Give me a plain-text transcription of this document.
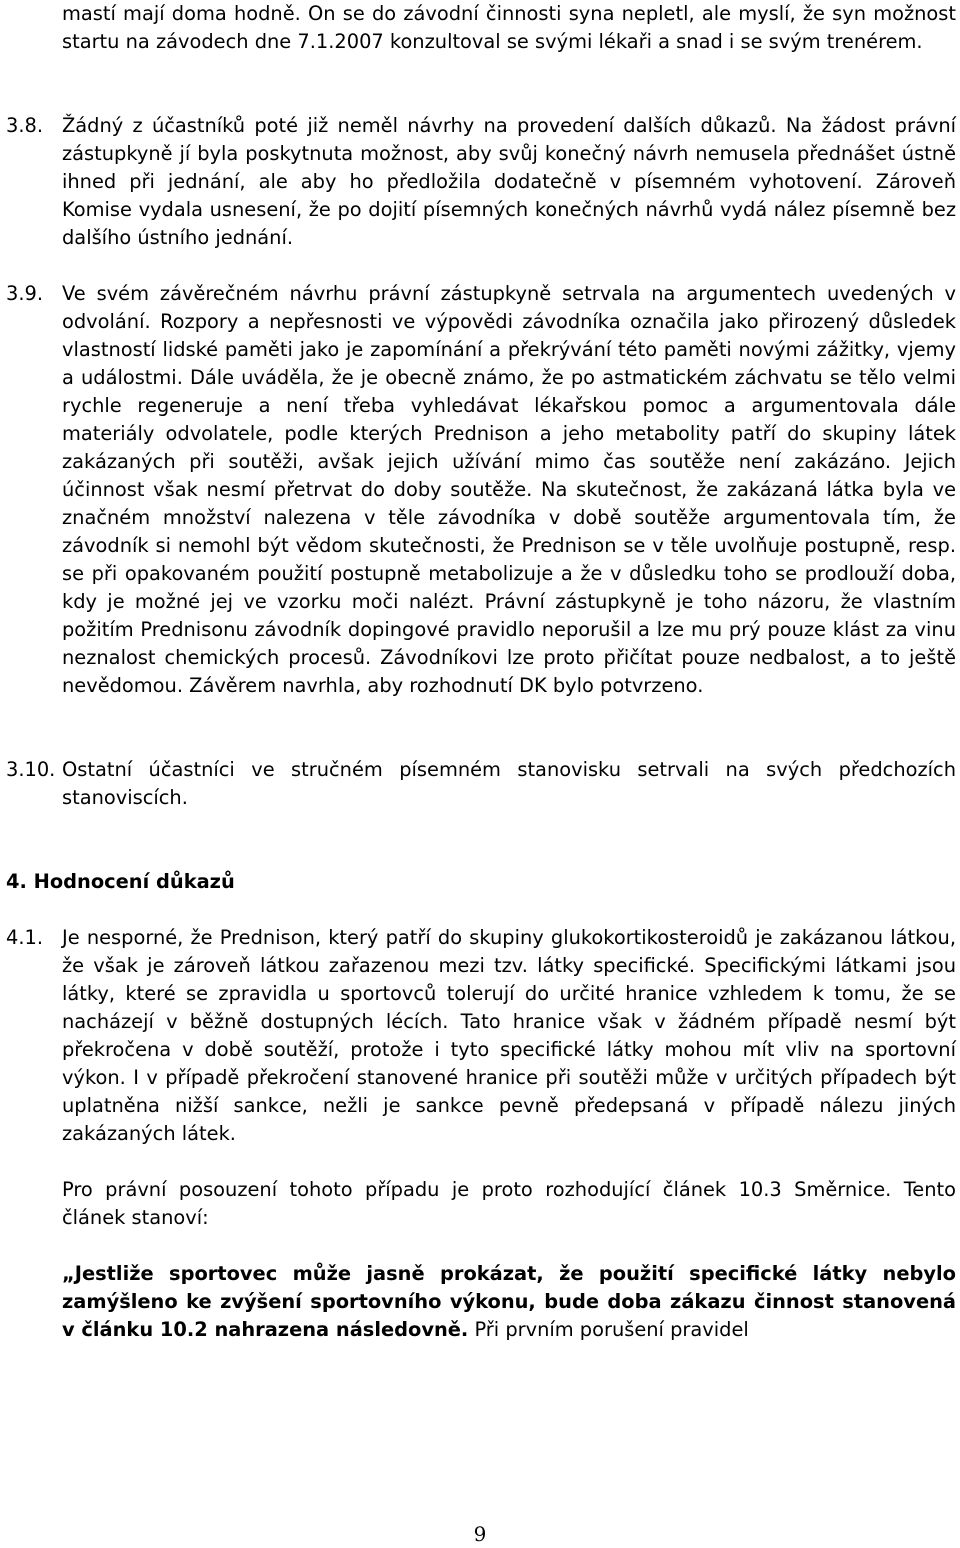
mastí mají doma hodně. On se do závodní činnosti syna nepletl, ale myslí, že syn možnost startu na závodech dne 7.1.2007 konzultoval se svými lékaři a snad i se svým trenérem.
3.8. Žádný z účastníků poté již neměl návrhy na provedení dalších důkazů. Na žádost právní zástupkyně jí byla poskytnuta možnost, aby svůj konečný návrh nemusela přednášet ústně ihned při jednání, ale aby ho předložila dodatečně v písemném vyhotovení. Zároveň Komise vydala usnesení, že po dojití písemných konečných návrhů vydá nález písemně bez dalšího ústního jednání.
3.9. Ve svém závěrečném návrhu právní zástupkyně setrvala na argumentech uvedených v odvolání. Rozpory a nepřesnosti ve výpovědi závodníka označila jako přirozený důsledek vlastností lidské paměti jako je zapomínání a překrývání této paměti novými zážitky, vjemy a událostmi. Dále uváděla, že je obecně známo, že po astmatickém záchvatu se tělo velmi rychle regeneruje a není třeba vyhledávat lékařskou pomoc a argumentovala dále materiály odvolatele, podle kterých Prednison a jeho metabolity patří do skupiny látek zakázaných při soutěži, avšak jejich užívání mimo čas soutěže není zakázáno. Jejich účinnost však nesmí přetrvat do doby soutěže. Na skutečnost, že zakázaná látka byla ve značném množství nalezena v těle závodníka v době soutěže argumentovala tím, že závodník si nemohl být vědom skutečnosti, že Prednison se v těle uvolňuje postupně, resp. se při opakovaném použití postupně metabolizuje a že v důsledku toho se prodlouží doba, kdy je možné jej ve vzorku moči nalézt. Právní zástupkyně je toho názoru, že vlastním požitím Prednisonu závodník dopingové pravidlo neporušil a lze mu prý pouze klást za vinu neznalost chemických procesů. Závodníkovi lze proto přičítat pouze nedbalost, a to ještě nevědomou. Závěrem navrhla, aby rozhodnutí DK bylo potvrzeno.
3.10. Ostatní účastníci ve stručném písemném stanovisku setrvali na svých předchozích stanoviscích.
4. Hodnocení důkazů
4.1. Je nesporné, že Prednison, který patří do skupiny glukokortikosteroidů je zakázanou látkou, že však je zároveň látkou zařazenou mezi tzv. látky specifické. Specifickými látkami jsou látky, které se zpravidla u sportovců tolerují do určité hranice vzhledem k tomu, že se nacházejí v běžně dostupných lécích. Tato hranice však v žádném případě nesmí být překročena v době soutěží, protože i tyto specifické látky mohou mít vliv na sportovní výkon. I v případě překročení stanovené hranice při soutěži může v určitých případech být uplatněna nižší sankce, nežli je sankce pevně předepsaná v případě nálezu jiných zakázaných látek.
Pro právní posouzení tohoto případu je proto rozhodující článek 10.3 Směrnice. Tento článek stanoví:
„Jestliže sportovec může jasně prokázat, že použití specifické látky nebylo zamýšleno ke zvýšení sportovního výkonu, bude doba zákazu činnost stanovená v článku 10.2 nahrazena následovně. Při prvním porušení pravidel
9
